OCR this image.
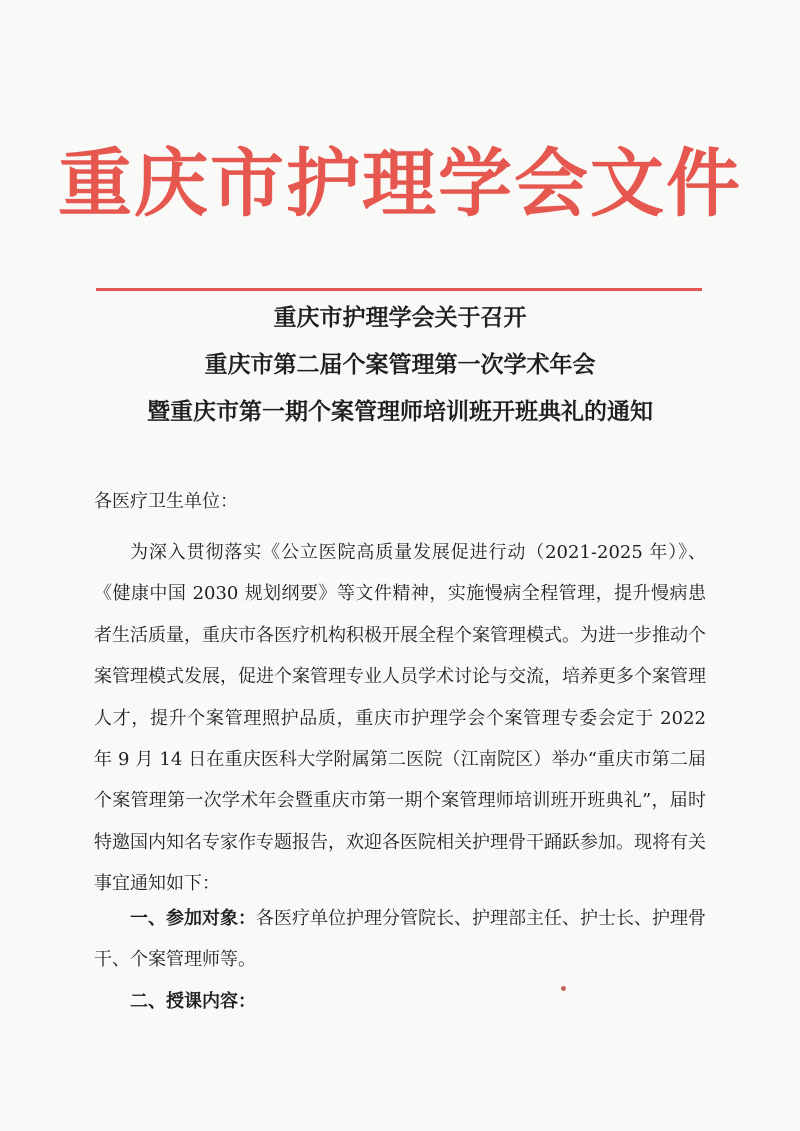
重庆市护理学会文件
重庆市护理学会关于召开
重庆市第二届个案管理第一次学术年会
暨重庆市第一期个案管理师培训班开班典礼的通知
各医疗卫生单位：
为深入贯彻落实《公立医院高质量发展促进行动（2021-2025 年）》、《健康中国 2030 规划纲要》等文件精神，实施慢病全程管理，提升慢病患者生活质量，重庆市各医疗机构积极开展全程个案管理模式。为进一步推动个案管理模式发展，促进个案管理专业人员学术讨论与交流，培养更多个案管理人才，提升个案管理照护品质，重庆市护理学会个案管理专委会定于 2022 年 9 月 14 日在重庆医科大学附属第二医院（江南院区）举办“重庆市第二届个案管理第一次学术年会暨重庆市第一期个案管理师培训班开班典礼”，届时特邀国内知名专家作专题报告，欢迎各医院相关护理骨干踊跃参加。现将有关事宜通知如下：
一、参加对象：各医疗单位护理分管院长、护理部主任、护士长、护理骨干、个案管理师等。
二、授课内容：
